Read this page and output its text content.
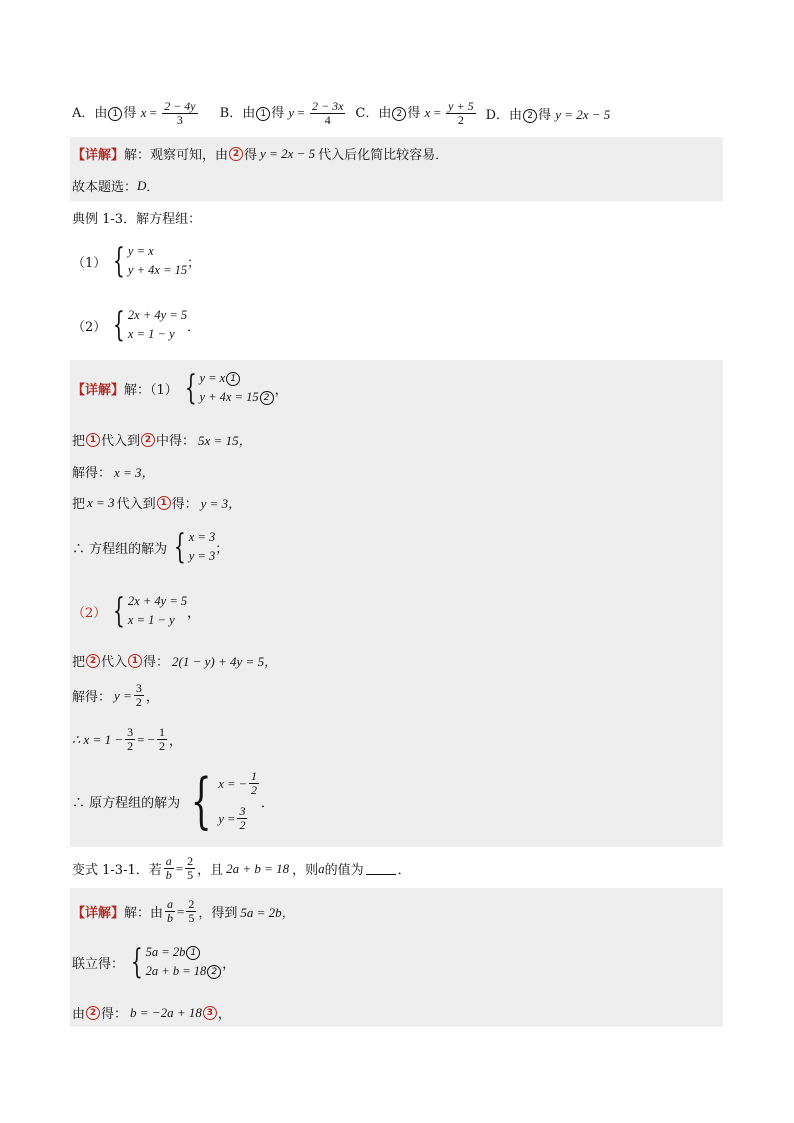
A．由 1 得 $x = \frac{2 - 4y}{3}$ B．由 1 得 $y = \frac{2 - 3x}{4}$ C．由 2 得 $x = \frac{y + 5}{2}$ D．由 2 得 y = 2x − 5
【详解】 解：观察可知，由 2 得 y = 2x − 5 代入后化简比较容易．
故本题选： D ．
典例 1-3．解方程组：
（1） { y = x
y + 4x = 15 ；
（2） { 2x + 4y = 5
x = 1 − y ．
【详解】 解：（1） { y = x 1
y + 4x = 15 2
，
把 1 代入到 2 中得： 5x = 15，
解得： x = 3，
把 x = 3 代入到 1 得： y = 3，
∴ 方程组的解为 { x = 3
y = 3 ；
（2） { 2x + 4y = 5
x = 1 − y ，
把 2 代入 1 得： 2(1 − y) + 4y = 5，
解得： $y = \frac{3}{2}$ ，
∴ $x = 1 - \frac{3}{2}$ = − $\frac{1}{2}$ ，
∴ 原方程组的解为 { x = − $\frac{1}{2}$
$y = \frac{3}{2}$
．
变式 1-3-1．若 $\frac{a}{b} = \frac{2}{5}$ ，且 2a + b = 18 ，则 a 的值为	．
【详解】 解：由 $\frac{a}{b} = \frac{2}{5}$ ，得到 5a = 2b，
联立得： { 5a = 2b 1
2a + b = 18 2
，
由 2 得： b = −2a + 18 3 ，
